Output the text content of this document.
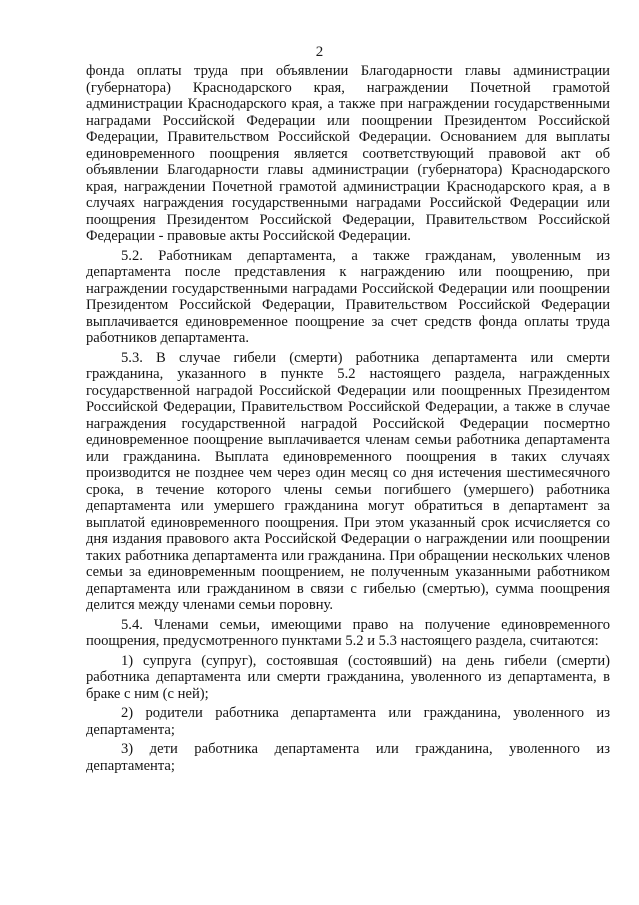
2

фонда оплаты труда при объявлении Благодарности главы администрации (губернатора) Краснодарского края, награждении Почетной грамотой администрации Краснодарского края, а также при награждении государственными наградами Российской Федерации или поощрении Президентом Российской Федерации, Правительством Российской Федерации. Основанием для выплаты единовременного поощрения является соответствующий правовой акт об объявлении Благодарности главы администрации (губернатора) Краснодарского края, награждении Почетной грамотой администрации Краснодарского края, а в случаях награждения государственными наградами Российской Федерации или поощрения Президентом Российской Федерации, Правительством Российской Федерации - правовые акты Российской Федерации.

5.2. Работникам департамента, а также гражданам, уволенным из департамента после представления к награждению или поощрению, при награждении государственными наградами Российской Федерации или поощрении Президентом Российской Федерации, Правительством Российской Федерации выплачивается единовременное поощрение за счет средств фонда оплаты труда работников департамента.

5.3. В случае гибели (смерти) работника департамента или смерти гражданина, указанного в пункте 5.2 настоящего раздела, награжденных государственной наградой Российской Федерации или поощренных Президентом Российской Федерации, Правительством Российской Федерации, а также в случае награждения государственной наградой Российской Федерации посмертно единовременное поощрение выплачивается членам семьи работника департамента или гражданина. Выплата единовременного поощрения в таких случаях производится не позднее чем через один месяц со дня истечения шестимесячного срока, в течение которого члены семьи погибшего (умершего) работника департамента или умершего гражданина могут обратиться в департамент за выплатой единовременного поощрения. При этом указанный срок исчисляется со дня издания правового акта Российской Федерации о награждении или поощрении таких работника департамента или гражданина. При обращении нескольких членов семьи за единовременным поощрением, не полученным указанными работником департамента или гражданином в связи с гибелью (смертью), сумма поощрения делится между членами семьи поровну.

5.4. Членами семьи, имеющими право на получение единовременного поощрения, предусмотренного пунктами 5.2 и 5.3 настоящего раздела, считаются:

1) супруга (супруг), состоявшая (состоявший) на день гибели (смерти) работника департамента или смерти гражданина, уволенного из департамента, в браке с ним (с ней);

2) родители работника департамента или гражданина, уволенного из департамента;

3) дети работника департамента или гражданина, уволенного из департамента;
